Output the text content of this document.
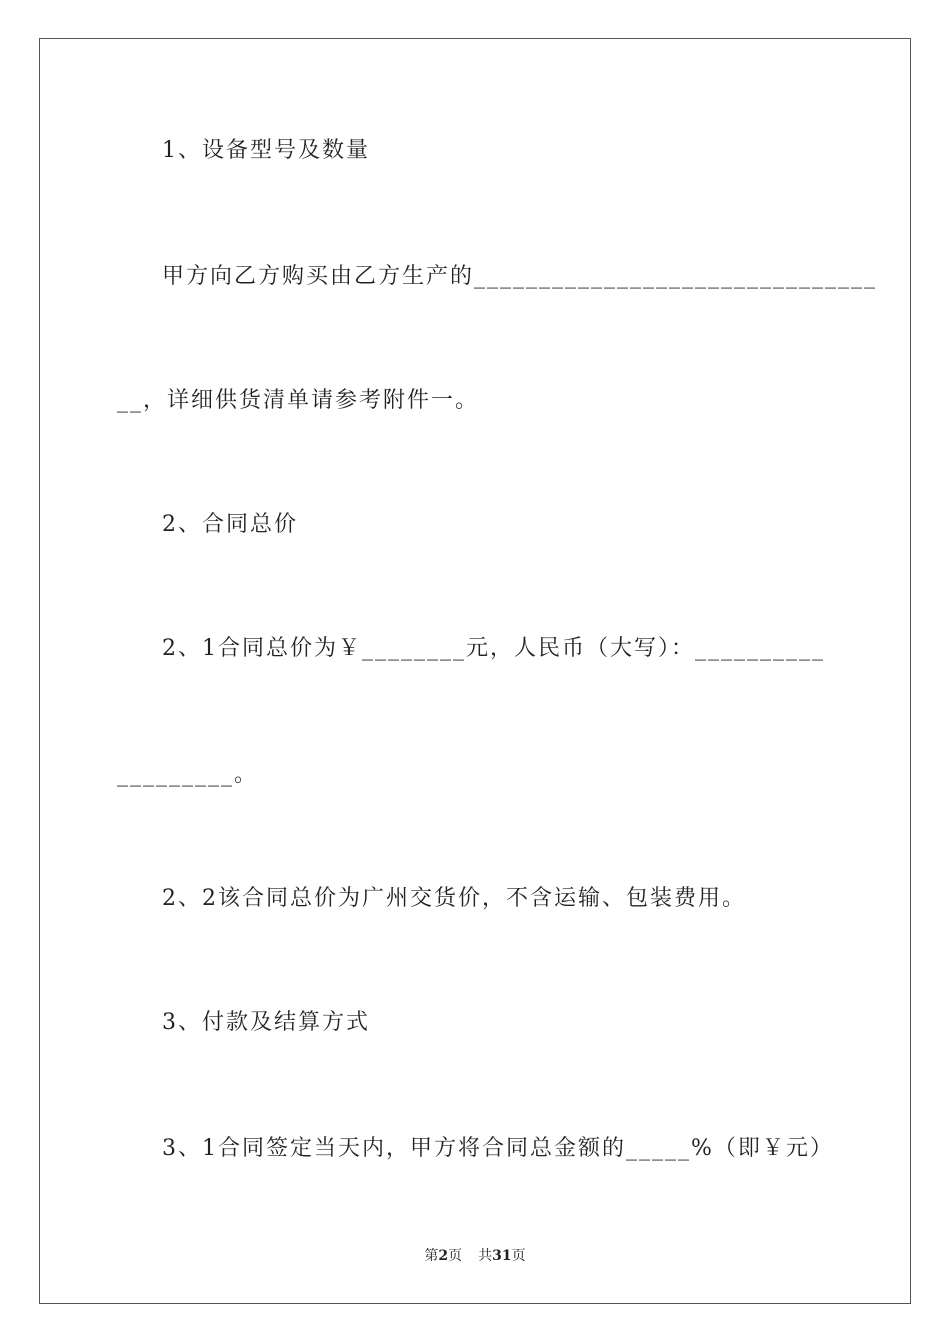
1、设备型号及数量
甲方向乙方购买由乙方生产的_______________________________
__，详细供货清单请参考附件一。
2、合同总价
2、1合同总价为￥________元，人民币（大写）：__________
_________。
2、2该合同总价为广州交货价，不含运输、包装费用。
3、付款及结算方式
3、1合同签定当天内，甲方将合同总金额的_____%（即￥元）
第2页 共31页
